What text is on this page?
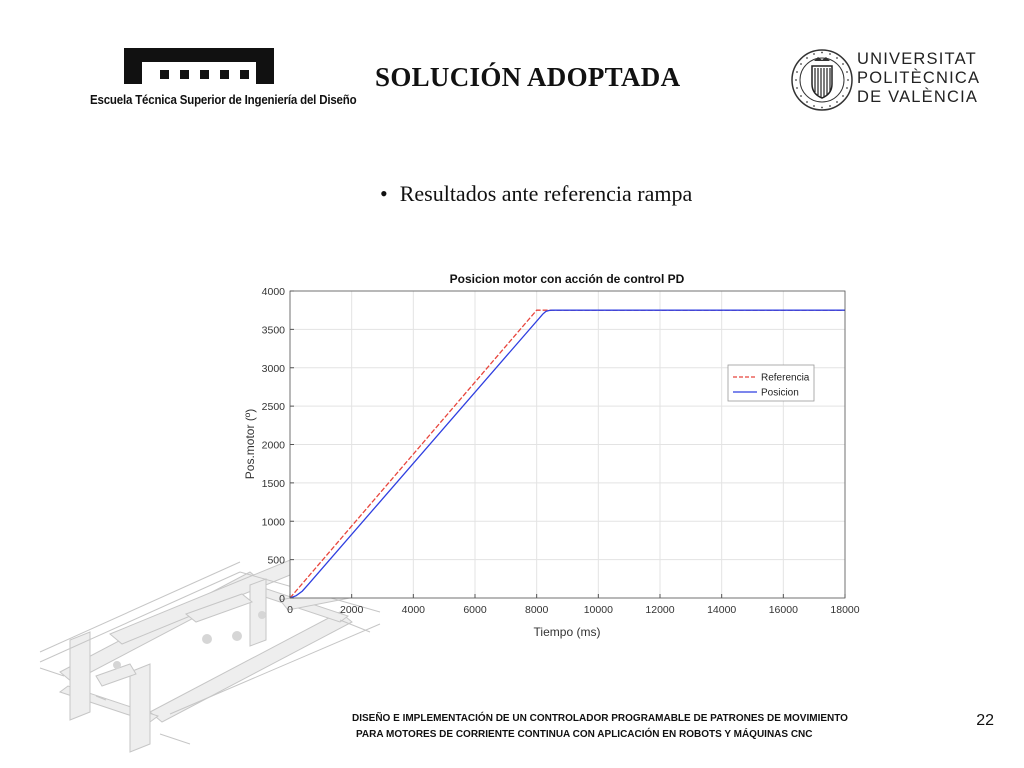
Escuela Técnica Superior de Ingeniería del Diseño
SOLUCIÓN ADOPTADA
UNIVERSITAT
POLITÈCNICA
DE VALÈNCIA
• Resultados ante referencia rampa
0
500
1000
1500
2000
2500
3000
3500
4000
0	2000	4000	6000	8000	10000	12000	14000	16000	18000
Posicion motor con acción de control PD
Tiempo (ms)
Pos.motor (º)
Referencia
Posicion
DISEÑO E IMPLEMENTACIÓN DE UN CONTROLADOR PROGRAMABLE DE PATRONES DE MOVIMIENTO
PARA MOTORES DE CORRIENTE CONTINUA CON APLICACIÓN EN ROBOTS Y MÁQUINAS CNC
22
